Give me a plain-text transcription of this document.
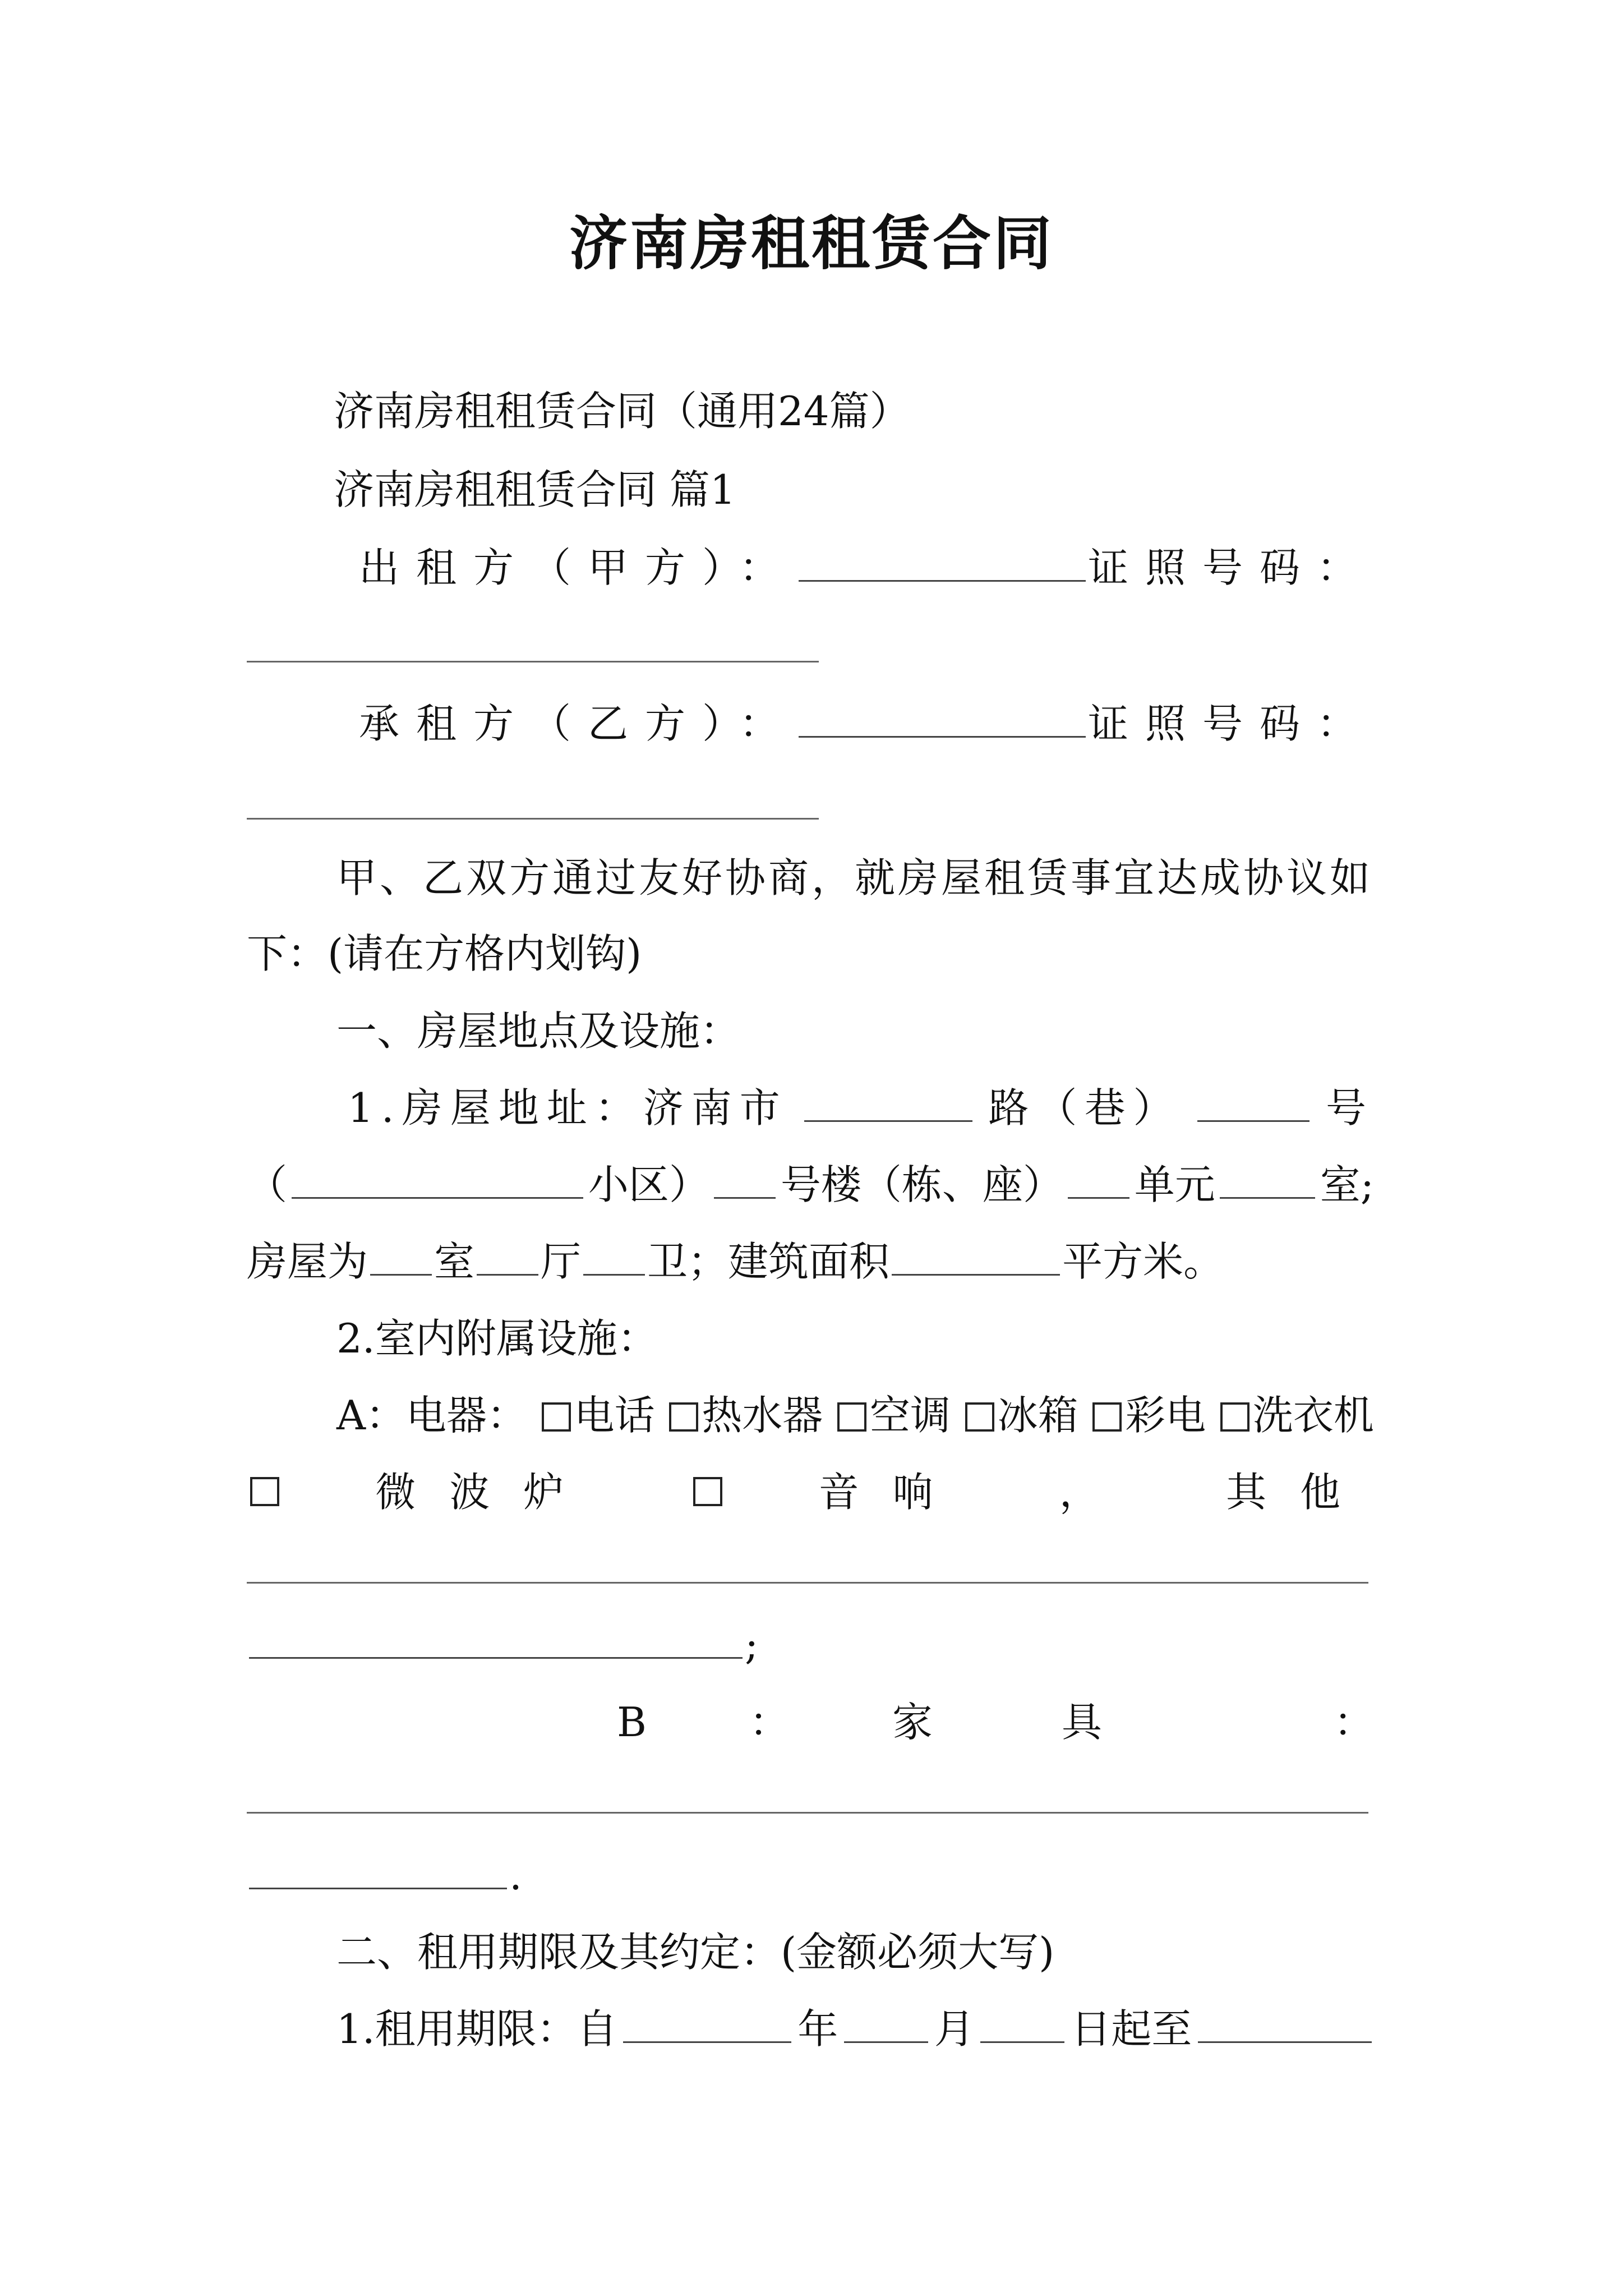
济南房租租赁合同
济南房租租赁合同（通用24篇）
济南房租租赁合同 篇1
出租方（甲方）：	证照号码：
承租方（乙方）：	证照号码：
甲、乙双方通过友好协商，就房屋租赁事宜达成协议如
下：(请在方格内划钩)
一、房屋地点及设施：
1.房屋地址：济南市	路（巷）	号
（	小区） 号楼（栋、座） 单元	室;
房屋为 室 厅 卫；建筑面积	平方米。
2.室内附属设施：
A：电器：	电话	热水器	空调	冰箱	彩电	洗衣机
微波炉	音响 ， 其他
;
B	：	家具	：
.
二、租用期限及其约定：(金额必须大写)
1.租用期限：自	年 月 日起至
